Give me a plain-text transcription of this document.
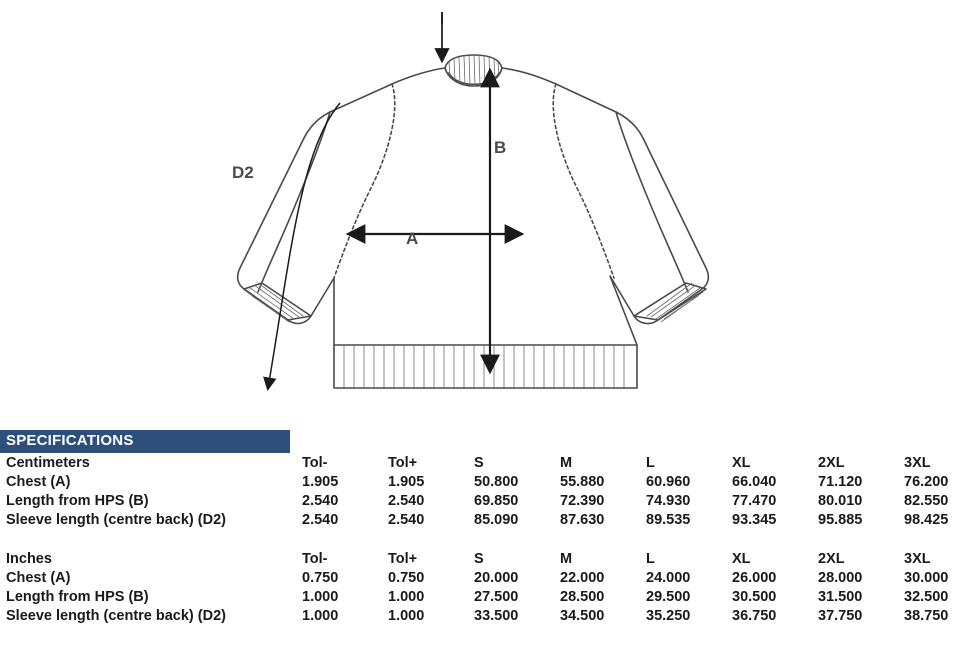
D2
B
A
SPECIFICATIONS
Centimeters	Tol-	Tol+	S	M	L	XL	2XL	3XL
Chest (A)	1.905	1.905	50.800	55.880	60.960	66.040	71.120	76.200
Length from HPS (B)	2.540	2.540	69.850	72.390	74.930	77.470	80.010	82.550
Sleeve length (centre back) (D2)	2.540	2.540	85.090	87.630	89.535	93.345	95.885	98.425

Inches	Tol-	Tol+	S	M	L	XL	2XL	3XL
Chest (A)	0.750	0.750	20.000	22.000	24.000	26.000	28.000	30.000
Length from HPS (B)	1.000	1.000	27.500	28.500	29.500	30.500	31.500	32.500
Sleeve length (centre back) (D2)	1.000	1.000	33.500	34.500	35.250	36.750	37.750	38.750
